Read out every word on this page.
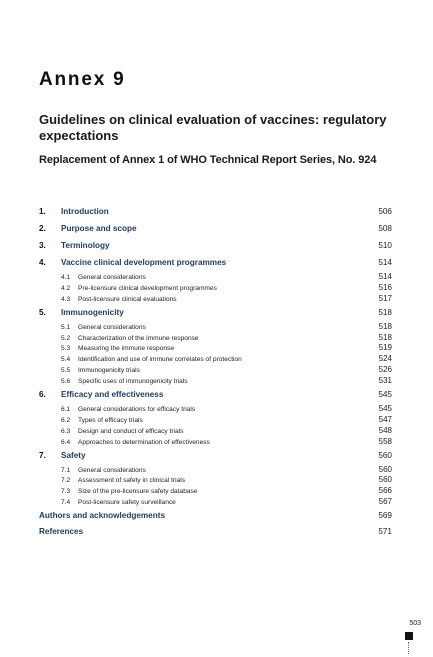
Annex 9
Guidelines on clinical evaluation of vaccines: regulatory expectations
Replacement of Annex 1 of WHO Technical Report Series, No. 924
1.	Introduction	506
2.	Purpose and scope	508
3.	Terminology	510
4.	Vaccine clinical development programmes	514
4.1	General considerations	514
4.2	Pre-licensure clinical development programmes	516
4.3	Post-licensure clinical evaluations	517
5.	Immunogenicity	518
5.1	General considerations	518
5.2	Characterization of the immune response	518
5.3	Measuring the immune response	519
5.4	Identification and use of immune correlates of protection	524
5.5	Immunogenicity trials	526
5.6	Specific uses of immunogenicity trials	531
6.	Efficacy and effectiveness	545
6.1	General considerations for efficacy trials	545
6.2	Types of efficacy trials	547
6.3	Design and conduct of efficacy trials	548
6.4	Approaches to determination of effectiveness	558
7.	Safety	560
7.1	General considerations	560
7.2	Assessment of safety in clinical trials	560
7.3	Size of the pre-licensure safety database	566
7.4	Post-licensure safety surveillance	567
Authors and acknowledgements	569
References	571
503
